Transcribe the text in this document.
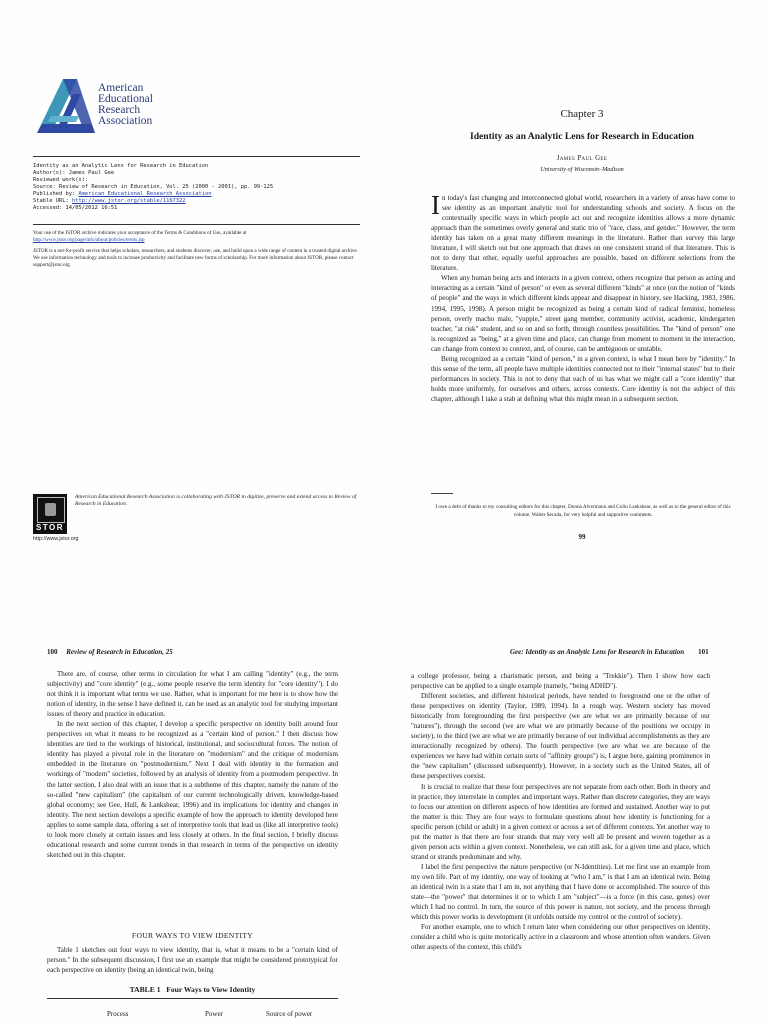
American
Educational
Research
Association
Identity as an Analytic Lens for Research in Education
Author(s): James Paul Gee
Reviewed work(s):
Source: Review of Research in Education, Vol. 25 (2000 - 2001), pp. 99-125
Published by: American Educational Research Association
Stable URL: http://www.jstor.org/stable/1167322
Accessed: 14/05/2012 16:51

Your use of the JSTOR archive indicates your acceptance of the Terms & Conditions of Use, available at
http://www.jstor.org/page/info/about/policies/terms.jsp

JSTOR is a not-for-profit service that helps scholars, researchers, and students discover, use, and build upon a wide range of content in a trusted digital archive. We use information technology and tools to increase productivity and facilitate new forms of scholarship. For more information about JSTOR, please contact support@jstor.org.

STOR
American Educational Research Association is collaborating with JSTOR to digitize, preserve and extend access to Review of Research in Education.
http://www.jstor.org
Chapter 3
Identity as an Analytic Lens for Research in Education
James Paul Gee
University of Wisconsin–Madison

In today's fast changing and interconnected global world, researchers in a variety of areas have come to see identity as an important analytic tool for understanding schools and society. A focus on the contextually specific ways in which people act out and recognize identities allows a more dynamic approach than the sometimes overly general and static trio of "race, class, and gender." However, the term identity has taken on a great many different meanings in the literature. Rather than survey this large literature, I will sketch out but one approach that draws on one consistent strand of that literature. This is not to deny that other, equally useful approaches are possible, based on different selections from the literature.

When any human being acts and interacts in a given context, others recognize that person as acting and interacting as a certain "kind of person" or even as several different "kinds" at once (on the notion of "kinds of people" and the ways in which different kinds appear and disappear in history, see Hacking, 1983, 1986, 1994, 1995, 1998). A person might be recognized as being a certain kind of radical feminist, homeless person, overly macho male, "yuppie," street gang member, community activist, academic, kindergarten teacher, "at risk" student, and so on and so forth, through countless possibilities. The "kind of person" one is recognized as "being," at a given time and place, can change from moment to moment in the interaction, can change from context to context, and, of course, can be ambiguous or unstable.

Being recognized as a certain "kind of person," in a given context, is what I mean here by "identity." In this sense of the term, all people have multiple identities connected not to their "internal states" but to their performances in society. This is not to deny that each of us has what we might call a "core identity" that holds more uniformly, for ourselves and others, across contexts. Core identity is not the subject of this chapter, although I take a stab at defining what this might mean in a subsequent section.

I owe a debt of thanks to my consulting editors for this chapter, Donna Alvermann and Colin Lankshear, as well as to the general editor of this volume, Walter Secada, for very helpful and supportive comments.
99
100 Review of Research in Education, 25

There are, of course, other terms in circulation for what I am calling "identity" (e.g., the term subjectivity) and "core identity" (e.g., some people reserve the term identity for "core identity"). I do not think it is important what terms we use. Rather, what is important for me here is to show how the notion of identity, in the sense I have defined it, can be used as an analytic tool for studying important issues of theory and practice in education.

In the next section of this chapter, I develop a specific perspective on identity built around four perspectives on what it means to be recognized as a "certain kind of person." I then discuss how identities are tied to the workings of historical, institutional, and sociocultural forces. The notion of identity has played a pivotal role in the literature on "modernism" and the critique of modernism embedded in the literature on "postmodernism." Next I deal with identity in the formation and workings of "modern" societies, followed by an analysis of identity from a postmodern perspective. In the latter section, I also deal with an issue that is a subtheme of this chapter, namely the nature of the so-called "new capitalism" (the capitalism of our current technologically driven, knowledge-based global economy; see Gee, Hull, & Lankshear, 1996) and its implications for identity and changes in identity. The next section develops a specific example of how the approach to identity developed here applies to some sample data, offering a set of interpretive tools that lead us (like all interpretive tools) to look more closely at certain issues and less closely at others. In the final section, I briefly discuss educational research and some current trends in that research in terms of the perspective on identity sketched out in this chapter.

FOUR WAYS TO VIEW IDENTITY

Table 1 sketches out four ways to view identity, that is, what it means to be a "certain kind of person." In the subsequent discussion, I first use an example that might be considered prototypical for each perspective on identity (being an identical twin, being

TABLE 1   Four Ways to View Identity
Process	Power	Source of power
Gee: Identity as an Analytic Lens for Research in Education 101

a college professor, being a charismatic person, and being a "Trekkie"). Then I show how each perspective can be applied to a single example (namely, "being ADHD").

Different societies, and different historical periods, have tended to foreground one or the other of these perspectives on identity (Taylor, 1989, 1994). In a rough way, Western society has moved historically from foregrounding the first perspective (we are what we are primarily because of our "natures"), through the second (we are what we are primarily because of the positions we occupy in society), to the third (we are what we are primarily because of our individual accomplishments as they are interactionally recognized by others). The fourth perspective (we are what we are because of the experiences we have had within certain sorts of "affinity groups") is, I argue here, gaining prominence in the "new capitalism" (discussed subsequently). However, in a society such as the United States, all of these perspectives coexist.

It is crucial to realize that these four perspectives are not separate from each other. Both in theory and in practice, they interrelate in complex and important ways. Rather than discrete categories, they are ways to focus our attention on different aspects of how identities are formed and sustained. Another way to put the matter is this: They are four ways to formulate questions about how identity is functioning for a specific person (child or adult) in a given context or across a set of different contexts. Yet another way to put the matter is that there are four strands that may very well all be present and woven together as a given person acts within a given context. Nonetheless, we can still ask, for a given time and place, which strand or strands predominate and why.

I label the first perspective the nature perspective (or N-Identities). Let me first use an example from my own life. Part of my identity, one way of looking at "who I am," is that I am an identical twin. Being an identical twin is a state that I am in, not anything that I have done or accomplished. The source of this state—the "power" that determines it or to which I am "subject"—is a force (in this case, genes) over which I had no control. In turn, the source of this power is nature, not society, and the process through which this power works is development (it unfolds outside my control or the control of society).

For another example, one to which I return later when considering our other perspectives on identity, consider a child who is quite motorically active in a classroom and whose attention often wanders. Given other aspects of the context, this child's
